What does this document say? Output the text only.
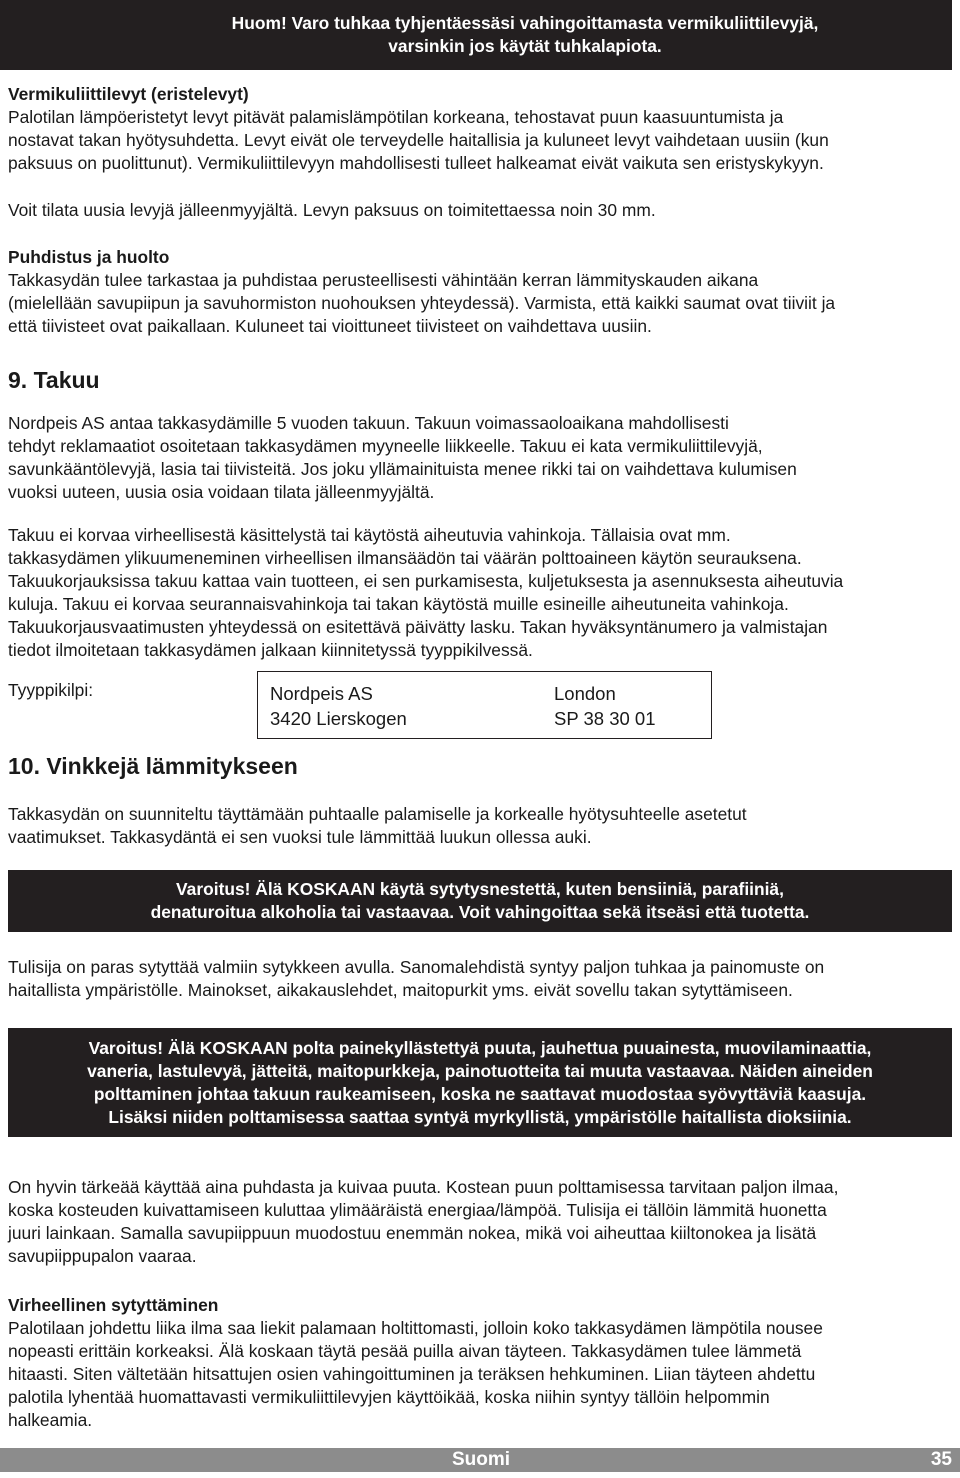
Huom! Varo tuhkaa tyhjentäessäsi vahingoittamasta vermikuliittilevyjä,
varsinkin jos käytät tuhkalapiota.
Vermikuliittilevyt (eristelevyt)
Palotilan lämpöeristetyt levyt pitävät palamislämpötilan korkeana, tehostavat puun kaasuuntumista ja
nostavat takan hyötysuhdetta. Levyt eivät ole terveydelle haitallisia ja kuluneet levyt vaihdetaan uusiin (kun
paksuus on puolittunut). Vermikuliittilevyyn mahdollisesti tulleet halkeamat eivät vaikuta sen eristyskykyyn.
Voit tilata uusia levyjä jälleenmyyjältä. Levyn paksuus on toimitettaessa noin 30 mm.
Puhdistus ja huolto
Takkasydän tulee tarkastaa ja puhdistaa perusteellisesti vähintään kerran lämmityskauden aikana
(mielellään savupiipun ja savuhormiston nuohouksen yhteydessä). Varmista, että kaikki saumat ovat tiiviit ja
että tiivisteet ovat paikallaan. Kuluneet tai vioittuneet tiivisteet on vaihdettava uusiin.
9. Takuu
Nordpeis AS antaa takkasydämille 5 vuoden takuun. Takuun voimassaoloaikana mahdollisesti
tehdyt reklamaatiot osoitetaan takkasydämen myyneelle liikkeelle. Takuu ei kata vermikuliittilevyjä,
savunkääntölevyjä, lasia tai tiivisteitä. Jos joku yllämainituista menee rikki tai on vaihdettava kulumisen
vuoksi uuteen, uusia osia voidaan tilata jälleenmyyjältä.
Takuu ei korvaa virheellisestä käsittelystä tai käytöstä aiheutuvia vahinkoja. Tällaisia ovat mm.
takkasydämen ylikuumeneminen virheellisen ilmansäädön tai väärän polttoaineen käytön seurauksena.
Takuukorjauksissa takuu kattaa vain tuotteen, ei sen purkamisesta, kuljetuksesta ja asennuksesta aiheutuvia
kuluja. Takuu ei korvaa seurannaisvahinkoja tai takan käytöstä muille esineille aiheutuneita vahinkoja.
Takuukorjausvaatimusten yhteydessä on esitettävä päivätty lasku. Takan hyväksyntänumero ja valmistajan
tiedot ilmoitetaan takkasydämen jalkaan kiinnitetyssä tyyppikilvessä.
Tyyppikilpi:	Nordpeis AS
3420 Lierskogen
London
SP 38 30 01
10. Vinkkejä lämmitykseen
Takkasydän on suunniteltu täyttämään puhtaalle palamiselle ja korkealle hyötysuhteelle asetetut
vaatimukset. Takkasydäntä ei sen vuoksi tule lämmittää luukun ollessa auki.
Varoitus! Älä KOSKAAN käytä sytytysnestettä, kuten bensiiniä, parafiiniä,
denaturoitua alkoholia tai vastaavaa. Voit vahingoittaa sekä itseäsi että tuotetta.
Tulisija on paras sytyttää valmiin sytykkeen avulla. Sanomalehdistä syntyy paljon tuhkaa ja painomuste on
haitallista ympäristölle. Mainokset, aikakauslehdet, maitopurkit yms. eivät sovellu takan sytyttämiseen.
Varoitus! Älä KOSKAAN polta painekyllästettyä puuta, jauhettua puuainesta, muovilaminaattia,
vaneria, lastulevyä, jätteitä, maitopurkkeja, painotuotteita tai muuta vastaavaa. Näiden aineiden
polttaminen johtaa takuun raukeamiseen, koska ne saattavat muodostaa syövyttäviä kaasuja.
Lisäksi niiden polttamisessa saattaa syntyä myrkyllistä, ympäristölle haitallista dioksiinia.
On hyvin tärkeää käyttää aina puhdasta ja kuivaa puuta. Kostean puun polttamisessa tarvitaan paljon ilmaa,
koska kosteuden kuivattamiseen kuluttaa ylimääräistä energiaa/lämpöä. Tulisija ei tällöin lämmitä huonetta
juuri lainkaan. Samalla savupiippuun muodostuu enemmän nokea, mikä voi aiheuttaa kiiltonokea ja lisätä
savupiippupalon vaaraa.
Virheellinen sytyttäminen
Palotilaan johdettu liika ilma saa liekit palamaan holtittomasti, jolloin koko takkasydämen lämpötila nousee
nopeasti erittäin korkeaksi. Älä koskaan täytä pesää puilla aivan täyteen. Takkasydämen tulee lämmetä
hitaasti. Siten vältetään hitsattujen osien vahingoittuminen ja teräksen hehkuminen. Liian täyteen ahdettu
palotila lyhentää huomattavasti vermikuliittilevyjen käyttöikää, koska niihin syntyy tällöin helpommin
halkeamia.
Suomi	35
